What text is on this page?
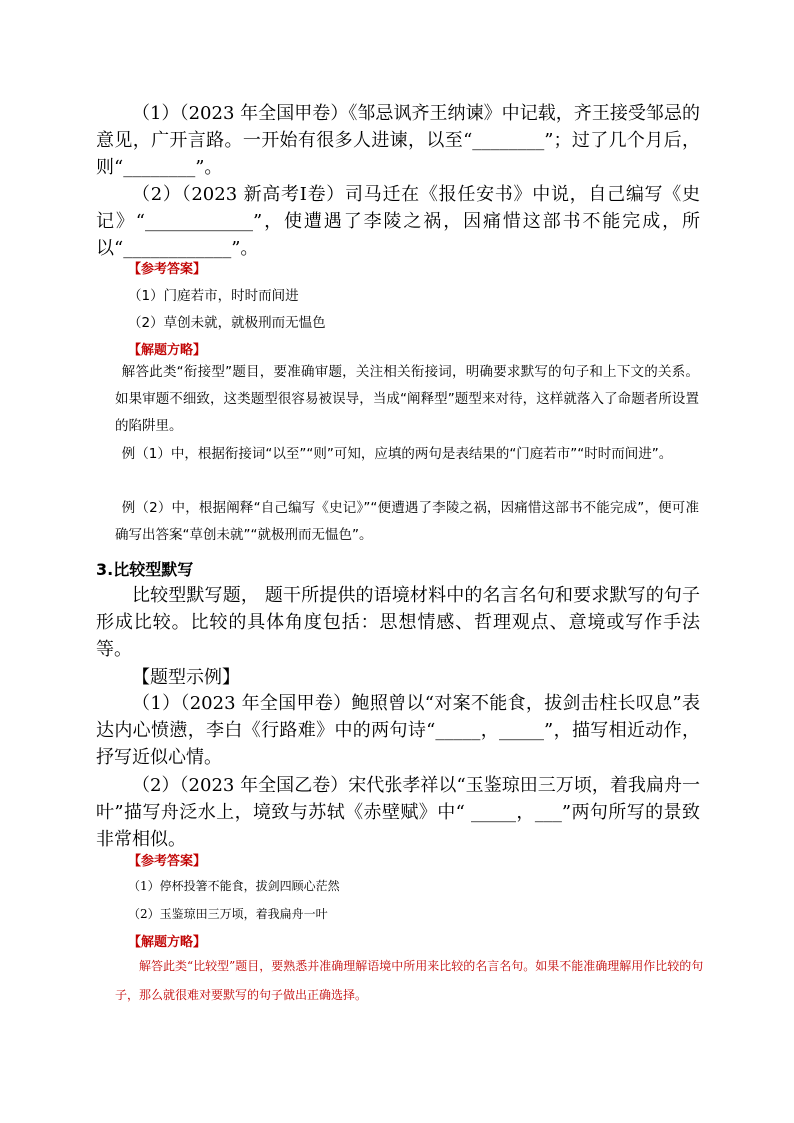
（1）（2023 年全国甲卷）《邹忌讽齐王纳谏》中记载，齐王接受邹忌的意见，广开言路。一开始有很多人进谏，以至“________”；过了几个月后，则“________”。

（2）（2023 新高考Ⅰ卷）司马迁在《报任安书》中说，自己编写《史记》“____________”，使遭遇了李陵之祸，因痛惜这部书不能完成，所以“____________”。

【参考答案】

（1）门庭若市，时时而间进

（2）草创未就，就极刑而无愠色

【解题方略】

解答此类“衔接型”题目，要准确审题，关注相关衔接词，明确要求默写的句子和上下文的关系。如果审题不细致，这类题型很容易被误导，当成“阐释型”题型来对待，这样就落入了命题者所设置的陷阱里。

例（1）中，根据衔接词“以至”“则”可知，应填的两句是表结果的“门庭若市”“时时而间进”。

例（2）中，根据阐释“自己编写《史记》”“便遭遇了李陵之祸，因痛惜这部书不能完成”，便可准确写出答案“草创未就”“就极刑而无愠色”。

3.比较型默写

比较型默写题， 题干所提供的语境材料中的名言名句和要求默写的句子形成比较。比较的具体角度包括：思想情感、哲理观点、意境或写作手法等。

【题型示例】

（1）（2023 年全国甲卷）鲍照曾以“对案不能食，拔剑击柱长叹息”表达内心愤懑，李白《行路难》中的两句诗“_____，_____”，描写相近动作，抒写近似心情。

（2）（2023 年全国乙卷）宋代张孝祥以“玉鉴琼田三万顷，着我扁舟一叶”描写舟泛水上，境致与苏轼《赤壁赋》中“ _____，___”两句所写的景致非常相似。

【参考答案】

（1）停杯投箸不能食，拔剑四顾心茫然

（2）玉鉴琼田三万顷，着我扁舟一叶

【解题方略】

解答此类“比较型”题目，要熟悉并准确理解语境中所用来比较的名言名句。如果不能准确理解用作比较的句子，那么就很难对要默写的句子做出正确选择。
